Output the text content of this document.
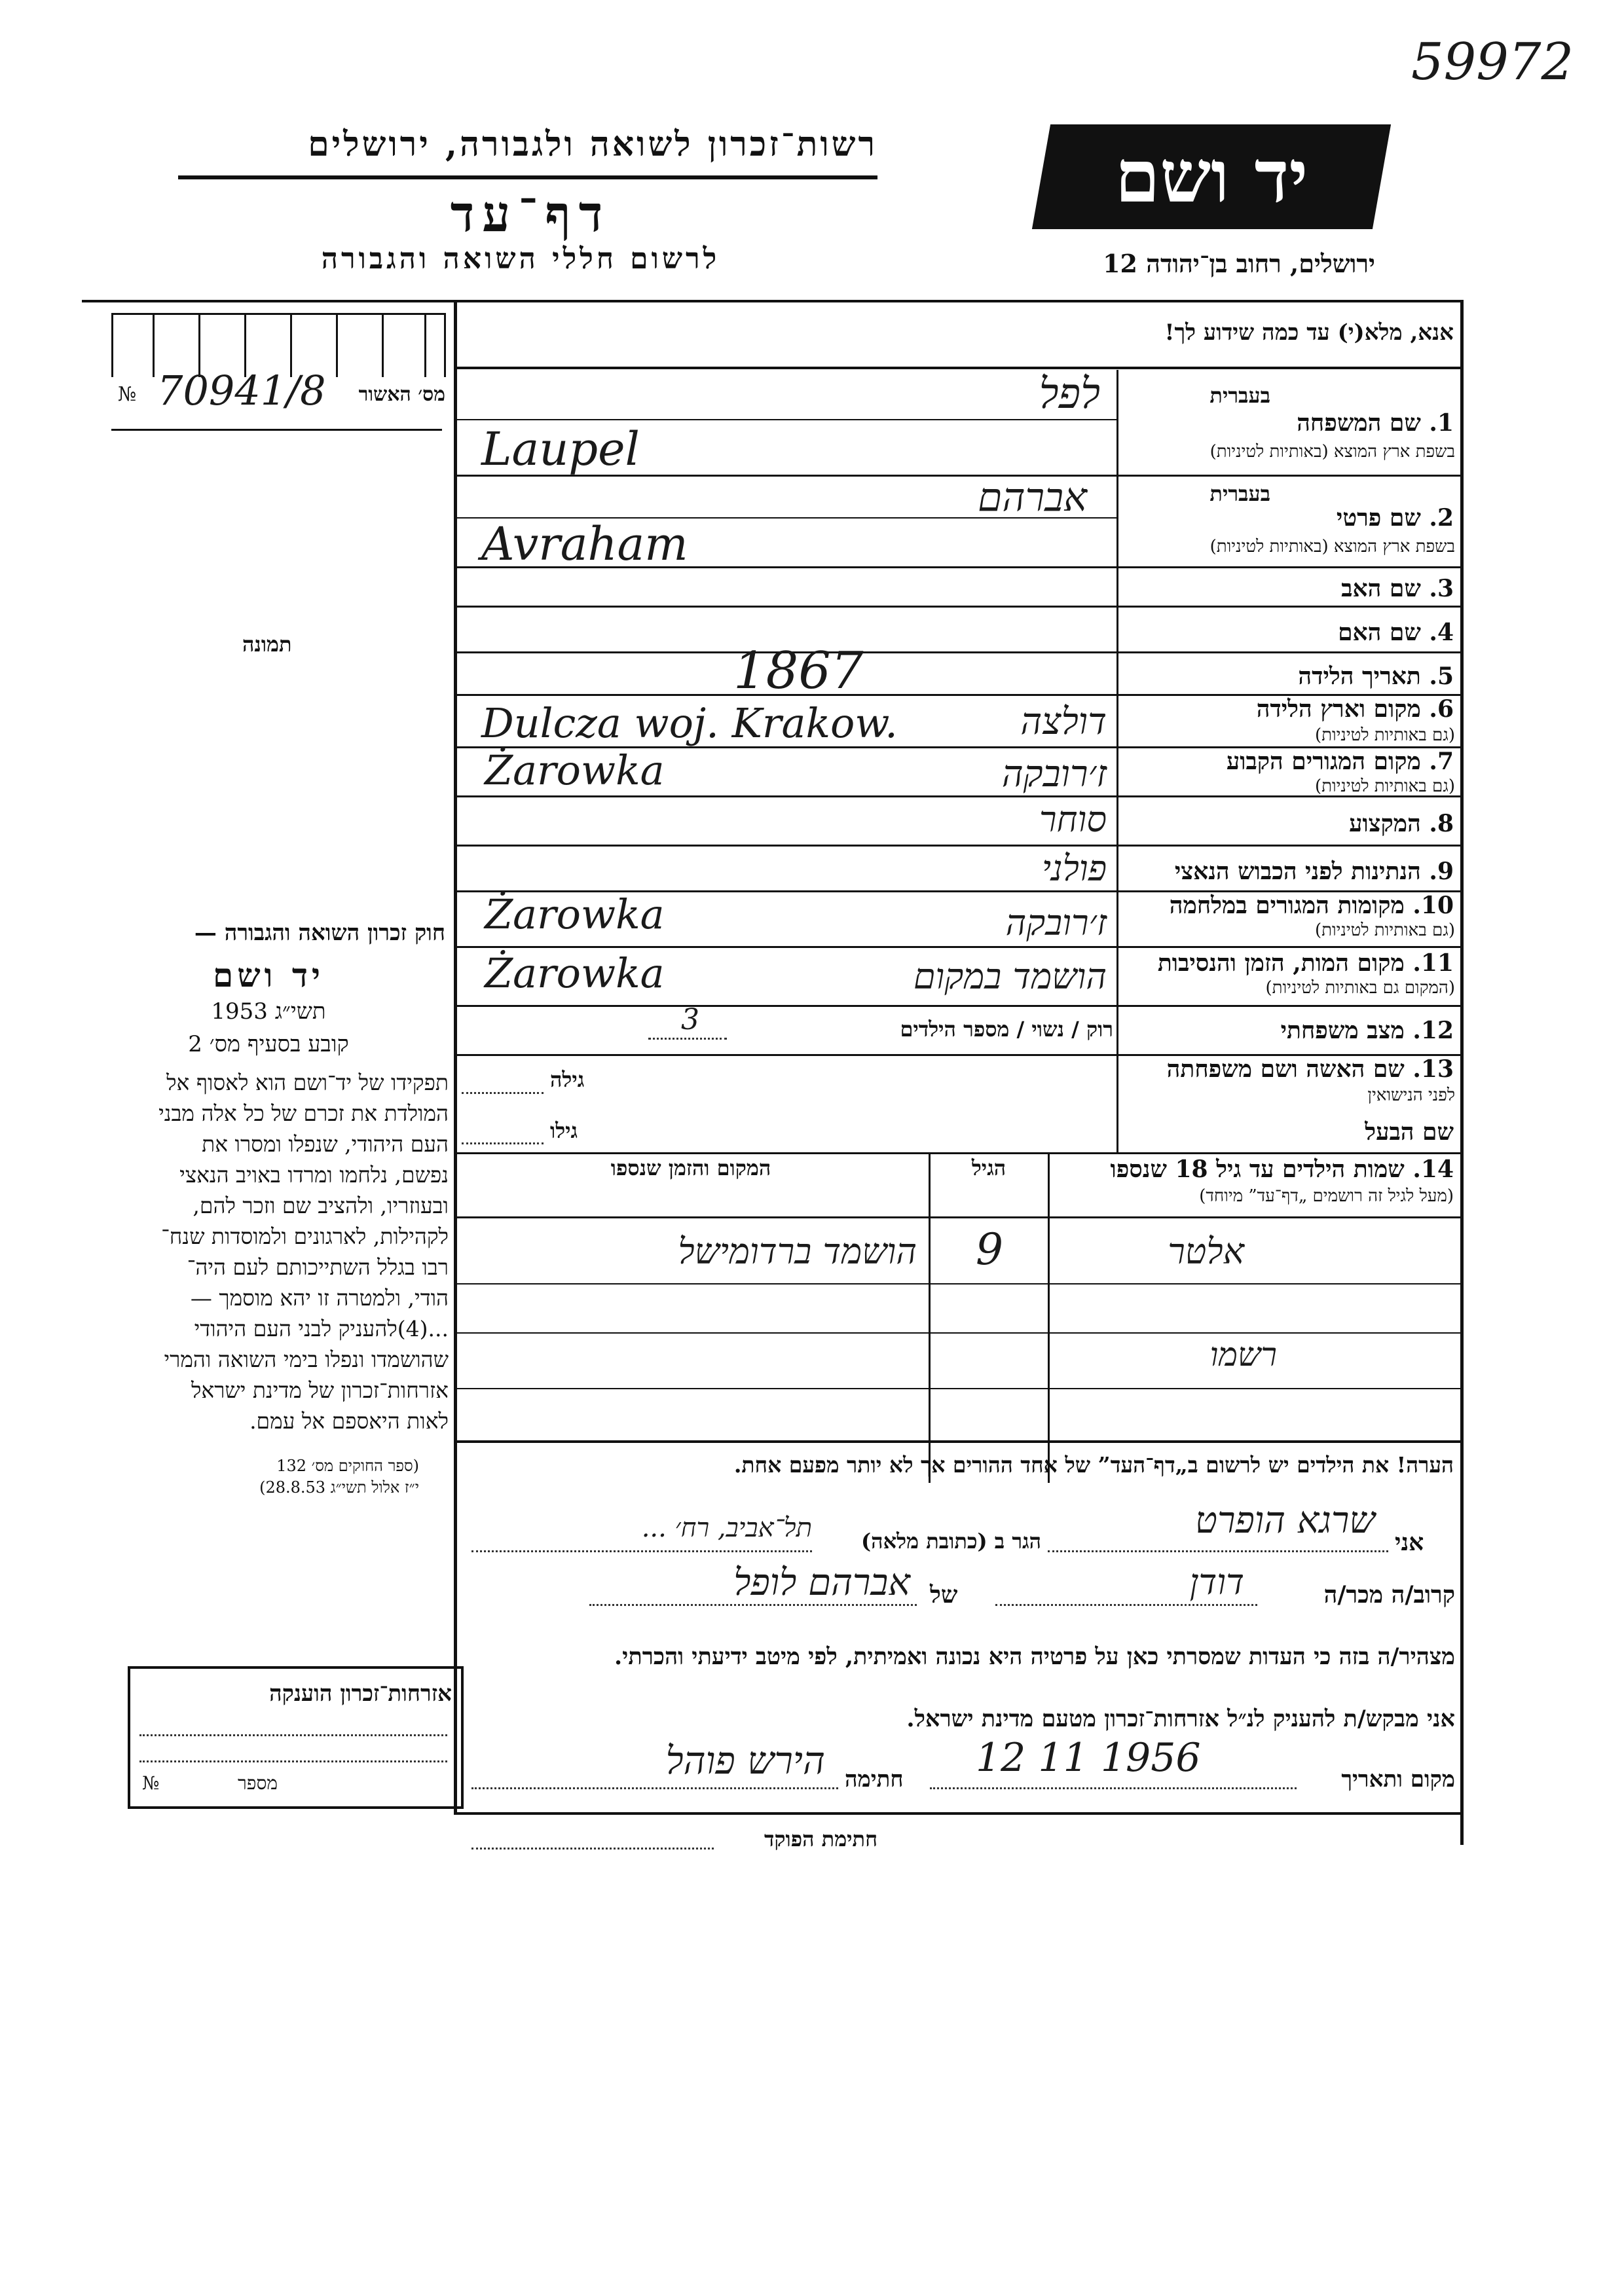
59972
רשות־זכרון לשואה ולגבורה, ירושלים
דף־עד
לרשום חללי השואה והגבורה
יד ושם
ירושלים, רחוב בן־יהודה 12
№ 70941/8	מס׳ האשור
תמונה
חוק זכרון השואה והגבורה —
יד ושם
תשי״ג 1953
קובע בסעיף מס׳ 2
תפקידו של יד־ושם הוא לאסוף אל
המולדת את זכרם של כל אלה מבני
העם היהודי, שנפלו ומסרו את
נפשם, נלחמו ומרדו באויב הנאצי
ובעוזריו, ולהציב שם וזכר להם,
לקהילות, לארגונים ולמוסדות שנח־
רבו בגלל השתייכותם לעם היה־
הודי, ולמטרה זו יהא מוסמך —
...(4)להעניק לבני העם היהודי
שהושמדו ונפלו בימי השואה והמרי
אזרחות־זכרון של מדינת ישראל
לאות היאספם אל עמם.
(ספר החוקים מס׳ 132
י״ז אלול תשי״ג 28.8.53)
אזרחות־זכרון הוענקה
מספר
№
אנא, מלא(י) עד כמה שידוע לך!
בעברית
1. שם המשפחה
בשפת ארץ המוצא (באותיות לטיניות)
לפל
Laupel
בעברית
2. שם פרטי
בשפת ארץ המוצא (באותיות לטיניות)
אברהם
Avraham
3. שם האב
4. שם האם
5. תאריך הלידה
1867
6. מקום וארץ הלידה
(גם באותיות לטיניות)
דולצה
Dulcza woj. Krakow.
7. מקום המגורים הקבוע
(גם באותיות לטיניות)
ז׳רובקה
Żarowka
8. המקצוע
סוחר
9. הנתינות לפני הכבוש הנאצי
פולני
10. מקומות המגורים במלחמה
(גם באותיות לטיניות)
ז׳רובקה
Żarowka
11. מקום המות, הזמן והנסיבות
(המקום גם באותיות לטיניות)
הושמד במקום
Żarowka
12. מצב משפחתי
רוק / נשוי / מספר הילדים
3
13. שם האשה ושם משפחתה
לפני הנישואין
גילה
שם הבעל
גילו
14. שמות הילדים עד גיל 18 שנספו
(מעל לגיל זה רושמים „דף־עד” מיוחד)
הגיל
המקום והזמן שנספו
אלטר
9
הושמד ברדומישל
רשמו
הערה! את הילדים יש לרשום ב„דף־העד” של אחד ההורים אך לא יותר מפעם אחת.
אני
שרגא הופרט
הגר ב (כתובת מלאה)
תל־אביב, רח׳ ...
קרוב/ה מכר/ה
דודן
של
אברהם לופל
מצהיר/ה בזה כי העדות שמסרתי כאן על פרטיה היא נכונה ואמיתית, לפי מיטב ידיעתי והכרתי.
אני מבקש/ת להעניק לנ״ל אזרחות־זכרון מטעם מדינת ישראל.
מקום ותאריך
12 11 1956
חתימה
הירש פוהל
חתימת הפוקד
